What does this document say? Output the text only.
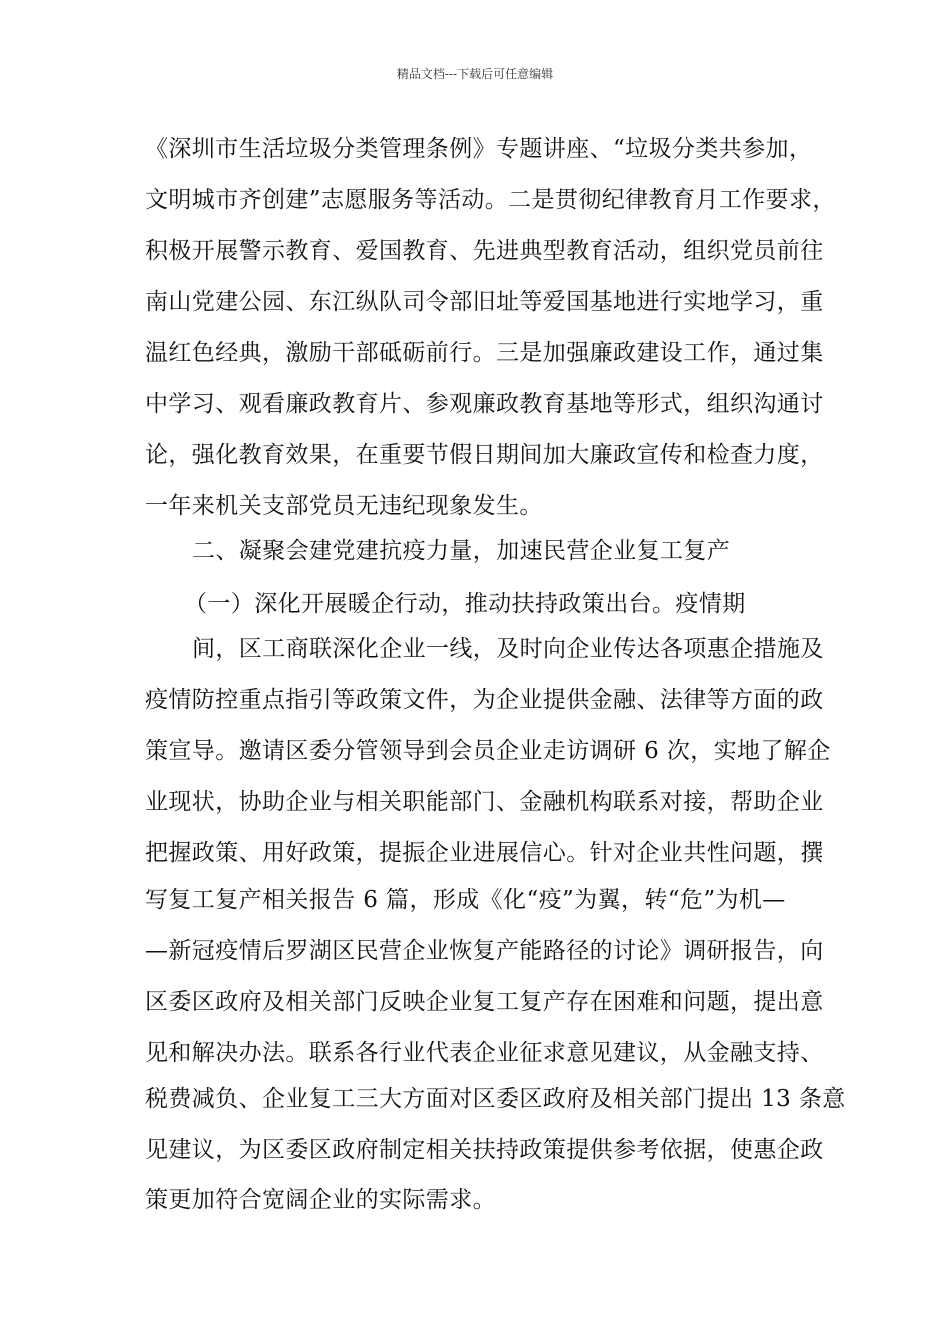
精品文档---下载后可任意编辑
《深圳市生活垃圾分类管理条例》专题讲座、“垃圾分类共参加，
文明城市齐创建”志愿服务等活动。二是贯彻纪律教育月工作要求，
积极开展警示教育、爱国教育、先进典型教育活动，组织党员前往
南山党建公园、东江纵队司令部旧址等爱国基地进行实地学习，重
温红色经典，激励干部砥砺前行。三是加强廉政建设工作，通过集
中学习、观看廉政教育片、参观廉政教育基地等形式，组织沟通讨
论，强化教育效果，在重要节假日期间加大廉政宣传和检查力度，
一年来机关支部党员无违纪现象发生。
二、凝聚会建党建抗疫力量，加速民营企业复工复产
（一）深化开展暖企行动，推动扶持政策出台。疫情期
间，区工商联深化企业一线，及时向企业传达各项惠企措施及
疫情防控重点指引等政策文件，为企业提供金融、法律等方面的政
策宣导。邀请区委分管领导到会员企业走访调研 6 次，实地了解企
业现状，协助企业与相关职能部门、金融机构联系对接，帮助企业
把握政策、用好政策，提振企业进展信心。针对企业共性问题，撰
写复工复产相关报告 6 篇，形成《化“疫”为翼，转“危”为机—
—新冠疫情后罗湖区民营企业恢复产能路径的讨论》调研报告，向
区委区政府及相关部门反映企业复工复产存在困难和问题，提出意
见和解决办法。联系各行业代表企业征求意见建议，从金融支持、
税费减负、企业复工三大方面对区委区政府及相关部门提出 13 条意
见建议，为区委区政府制定相关扶持政策提供参考依据，使惠企政
策更加符合宽阔企业的实际需求。
